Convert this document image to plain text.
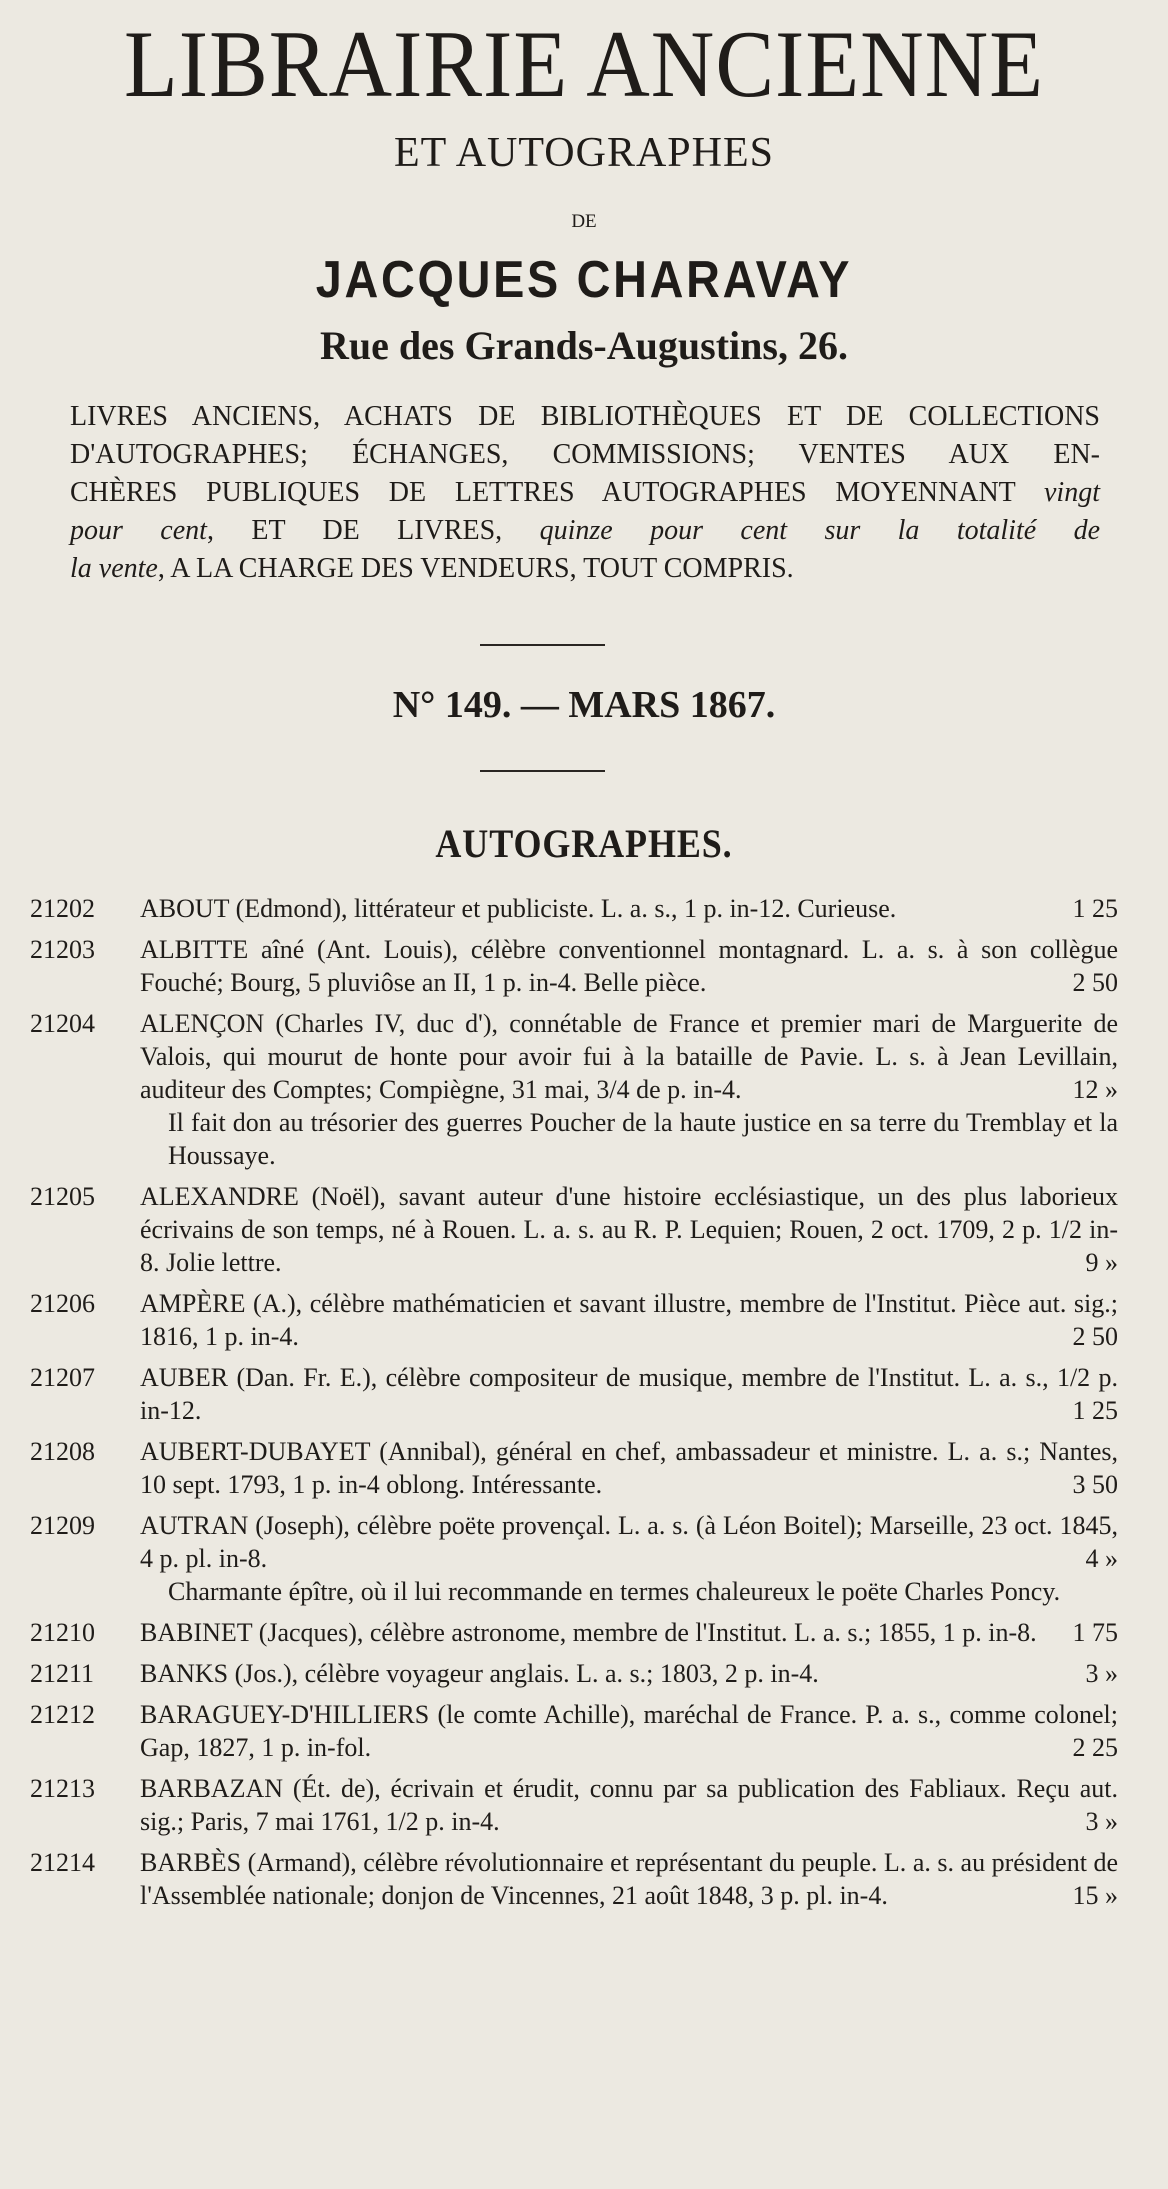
LIBRAIRIE ANCIENNE
ET AUTOGRAPHES
DE
JACQUES CHARAVAY
Rue des Grands-Augustins, 26.
LIVRES ANCIENS, ACHATS DE BIBLIOTHÈQUES ET DE COLLECTIONS
D'AUTOGRAPHES; ÉCHANGES, COMMISSIONS; VENTES AUX EN-
CHÈRES PUBLIQUES DE LETTRES AUTOGRAPHES MOYENNANT vingt
pour cent, ET DE LIVRES, quinze pour cent sur la totalité de
la vente, A LA CHARGE DES VENDEURS, TOUT COMPRIS.
N° 149. — MARS 1867.
AUTOGRAPHES.
21202	ABOUT (Edmond), littérateur et publiciste. L. a. s., 1 p. in-12. Curieuse.	1 25
21203	ALBITTE aîné (Ant. Louis), célèbre conventionnel montagnard. L. a. s. à son collègue Fouché; Bourg, 5 pluviôse an II, 1 p. in-4. Belle pièce.	2 50
21204	ALENÇON (Charles IV, duc d'), connétable de France et premier mari de Marguerite de Valois, qui mourut de honte pour avoir fui à la bataille de Pavie. L. s. à Jean Levillain, auditeur des Comptes; Compiègne, 31 mai, 3/4 de p. in-4.	12 »
Il fait don au trésorier des guerres Poucher de la haute justice en sa terre du Tremblay et la Houssaye.
21205	ALEXANDRE (Noël), savant auteur d'une histoire ecclésiastique, un des plus laborieux écrivains de son temps, né à Rouen. L. a. s. au R. P. Lequien; Rouen, 2 oct. 1709, 2 p. 1/2 in-8. Jolie lettre.	9 »
21206	AMPÈRE (A.), célèbre mathématicien et savant illustre, membre de l'Institut. Pièce aut. sig.; 1816, 1 p. in-4.	2 50
21207	AUBER (Dan. Fr. E.), célèbre compositeur de musique, membre de l'Institut. L. a. s., 1/2 p. in-12.	1 25
21208	AUBERT-DUBAYET (Annibal), général en chef, ambassadeur et ministre. L. a. s.; Nantes, 10 sept. 1793, 1 p. in-4 oblong. Intéressante.	3 50
21209	AUTRAN (Joseph), célèbre poëte provençal. L. a. s. (à Léon Boitel); Marseille, 23 oct. 1845, 4 p. pl. in-8.	4 »
Charmante épître, où il lui recommande en termes chaleureux le poëte Charles Poncy.
21210	BABINET (Jacques), célèbre astronome, membre de l'Institut. L. a. s.; 1855, 1 p. in-8.	1 75
21211	BANKS (Jos.), célèbre voyageur anglais. L. a. s.; 1803, 2 p. in-4.	3 »
21212	BARAGUEY-D'HILLIERS (le comte Achille), maréchal de France. P. a. s., comme colonel; Gap, 1827, 1 p. in-fol.	2 25
21213	BARBAZAN (Ét. de), écrivain et érudit, connu par sa publication des Fabliaux. Reçu aut. sig.; Paris, 7 mai 1761, 1/2 p. in-4.	3 »
21214	BARBÈS (Armand), célèbre révolutionnaire et représentant du peuple. L. a. s. au président de l'Assemblée nationale; donjon de Vincennes, 21 août 1848, 3 p. pl. in-4.	15 »
